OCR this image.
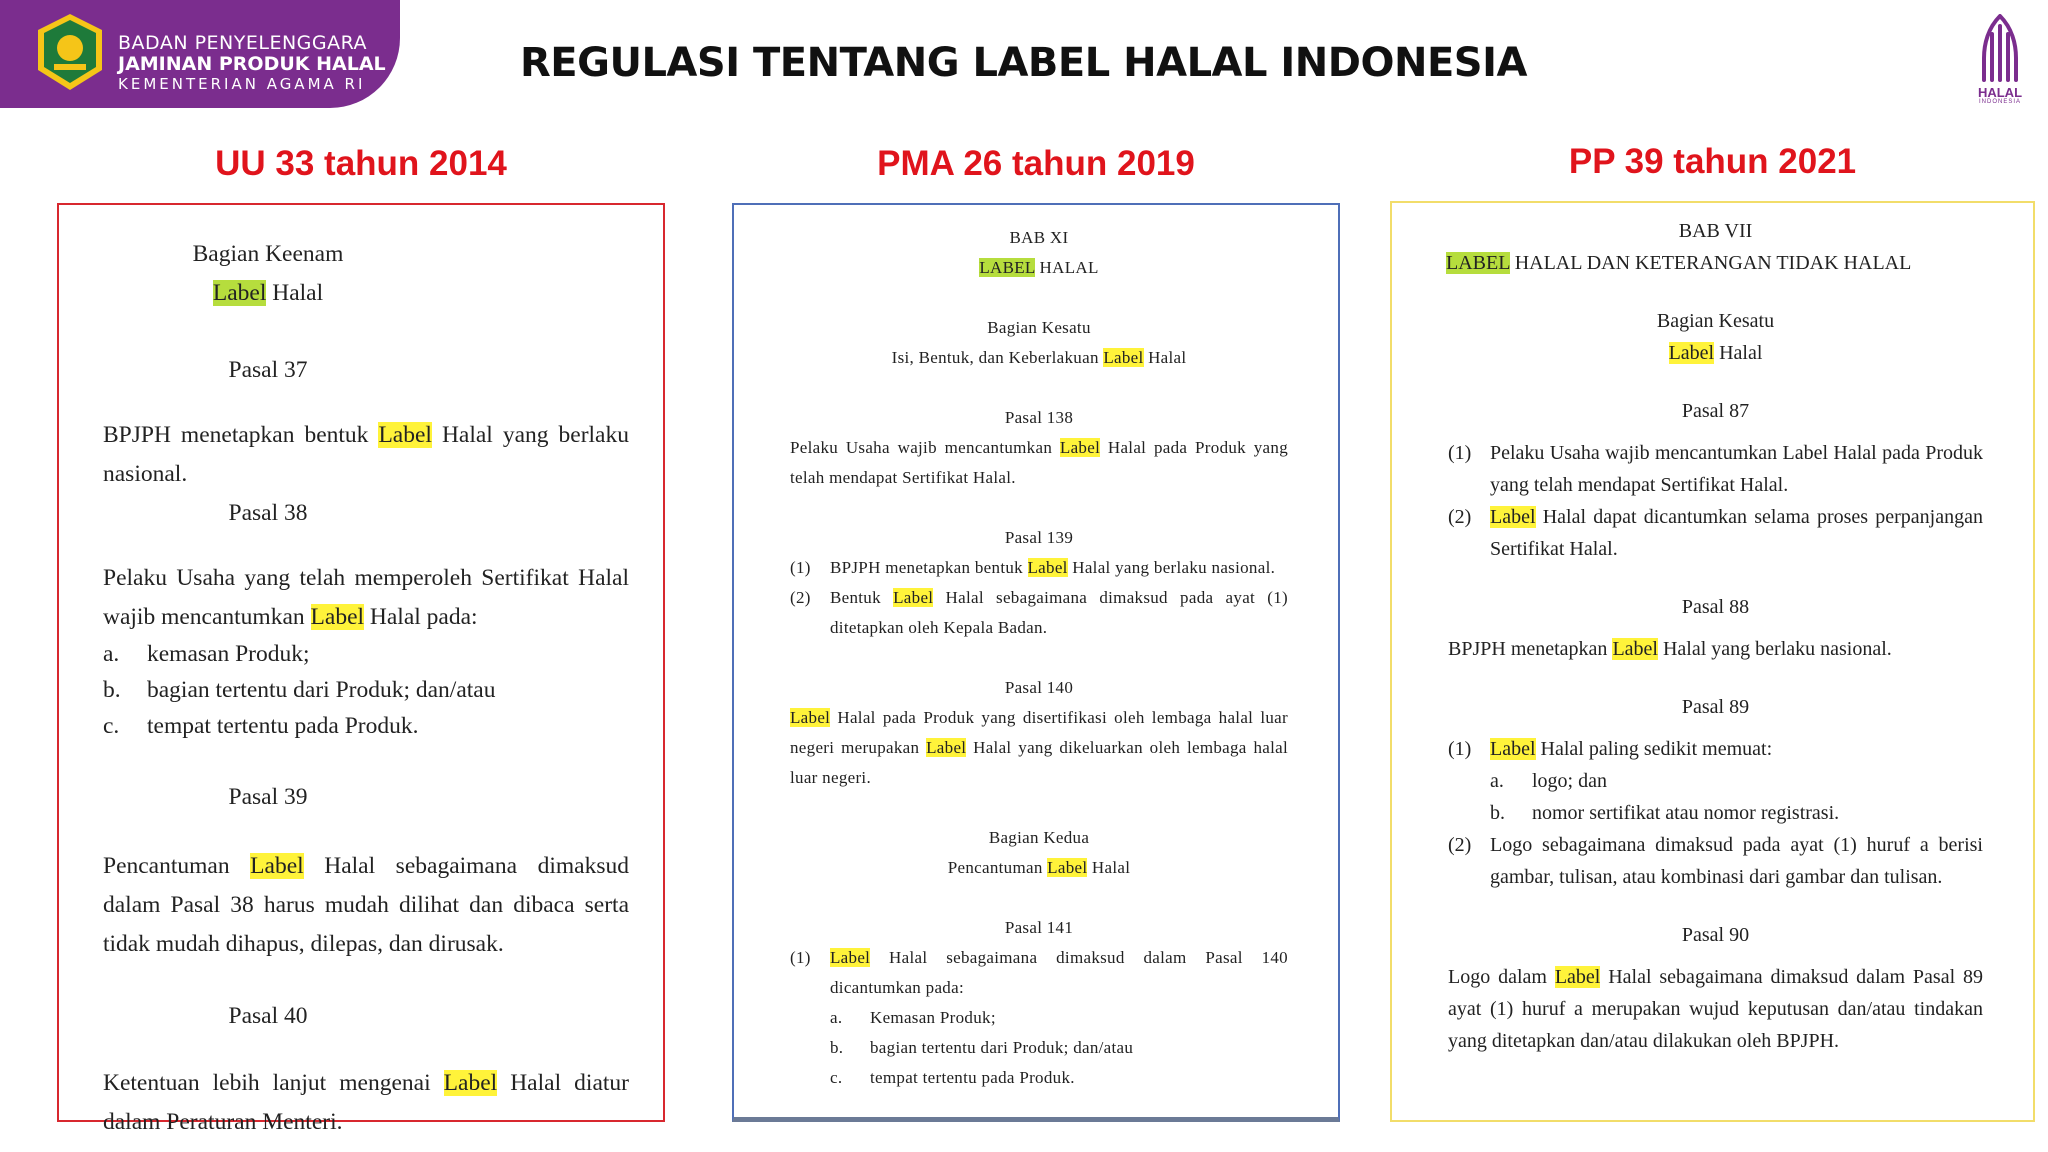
BADAN PENYELENGGARA
JAMINAN PRODUK HALAL
KEMENTERIAN AGAMA RI	REGULASI TENTANG LABEL HALAL INDONESIA
HALAL
INDONESIA
UU 33 tahun 2014	PMA 26 tahun 2019	PP 39 tahun 2021
Bagian Keenam
Label Halal
Pasal 37
BPJPH menetapkan bentuk Label Halal yang berlaku nasional.
Pasal 38
Pelaku Usaha yang telah memperoleh Sertifikat Halal wajib mencantumkan Label Halal pada:
a.	kemasan Produk;
b.	bagian tertentu dari Produk; dan/atau
c.	tempat tertentu pada Produk.
Pasal 39
Pencantuman Label Halal sebagaimana dimaksud dalam Pasal 38 harus mudah dilihat dan dibaca serta tidak mudah dihapus, dilepas, dan dirusak.
Pasal 40
Ketentuan lebih lanjut mengenai Label Halal diatur dalam Peraturan Menteri.
BAB XI
LABEL HALAL
Bagian Kesatu
Isi, Bentuk, dan Keberlakuan Label Halal
Pasal 138
Pelaku Usaha wajib mencantumkan Label Halal pada Produk yang telah mendapat Sertifikat Halal.
Pasal 139
(1)	BPJPH menetapkan bentuk Label Halal yang berlaku nasional.
(2)	Bentuk Label Halal sebagaimana dimaksud pada ayat (1) ditetapkan oleh Kepala Badan.
Pasal 140
Label Halal pada Produk yang disertifikasi oleh lembaga halal luar negeri merupakan Label Halal yang dikeluarkan oleh lembaga halal luar negeri.
Bagian Kedua
Pencantuman Label Halal
Pasal 141
(1)	Label Halal sebagaimana dimaksud dalam Pasal 140 dicantumkan pada:
a.	Kemasan Produk;
b.	bagian tertentu dari Produk; dan/atau
c.	tempat tertentu pada Produk.
BAB VII
LABEL HALAL DAN KETERANGAN TIDAK HALAL
Bagian Kesatu
Label Halal
Pasal 87
(1) Pelaku Usaha wajib mencantumkan Label Halal pada Produk yang telah mendapat Sertifikat Halal.
(2) Label Halal dapat dicantumkan selama proses perpanjangan Sertifikat Halal.
Pasal 88
BPJPH menetapkan Label Halal yang berlaku nasional.
Pasal 89
(1) Label Halal paling sedikit memuat:
a.	logo; dan
b.	nomor sertifikat atau nomor registrasi.
(2) Logo sebagaimana dimaksud pada ayat (1) huruf a berisi gambar, tulisan, atau kombinasi dari gambar dan tulisan.
Pasal 90
Logo dalam Label Halal sebagaimana dimaksud dalam Pasal 89 ayat (1) huruf a merupakan wujud keputusan dan/atau tindakan yang ditetapkan dan/atau dilakukan oleh BPJPH.
